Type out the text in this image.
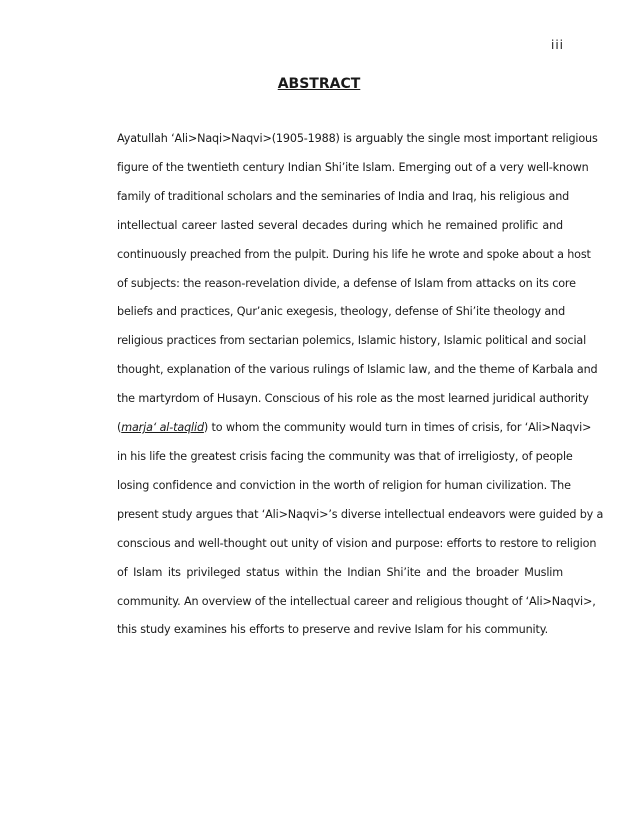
iii
ABSTRACT

Ayatullah ‘Ali>Naqi>Naqvi>(1905-1988) is arguably the single most important religious
figure of the twentieth century Indian Shi’ite Islam. Emerging out of a very well-known
family of traditional scholars and the seminaries of India and Iraq, his religious and
intellectual career lasted several decades during which he remained prolific and
continuously preached from the pulpit. During his life he wrote and spoke about a host
of subjects: the reason-revelation divide, a defense of Islam from attacks on its core
beliefs and practices, Qur’anic exegesis, theology, defense of Shi’ite theology and
religious practices from sectarian polemics, Islamic history, Islamic political and social
thought, explanation of the various rulings of Islamic law, and the theme of Karbala and
the martyrdom of Husayn. Conscious of his role as the most learned juridical authority
(marja‘ al-taqlid) to whom the community would turn in times of crisis, for ‘Ali>Naqvi>
in his life the greatest crisis facing the community was that of irreligiosty, of people
losing confidence and conviction in the worth of religion for human civilization. The
present study argues that ‘Ali>Naqvi>’s diverse intellectual endeavors were guided by a
conscious and well-thought out unity of vision and purpose: efforts to restore to religion
of Islam its privileged status within the Indian Shi’ite and the broader Muslim
community. An overview of the intellectual career and religious thought of ‘Ali>Naqvi>,
this study examines his efforts to preserve and revive Islam for his community.
